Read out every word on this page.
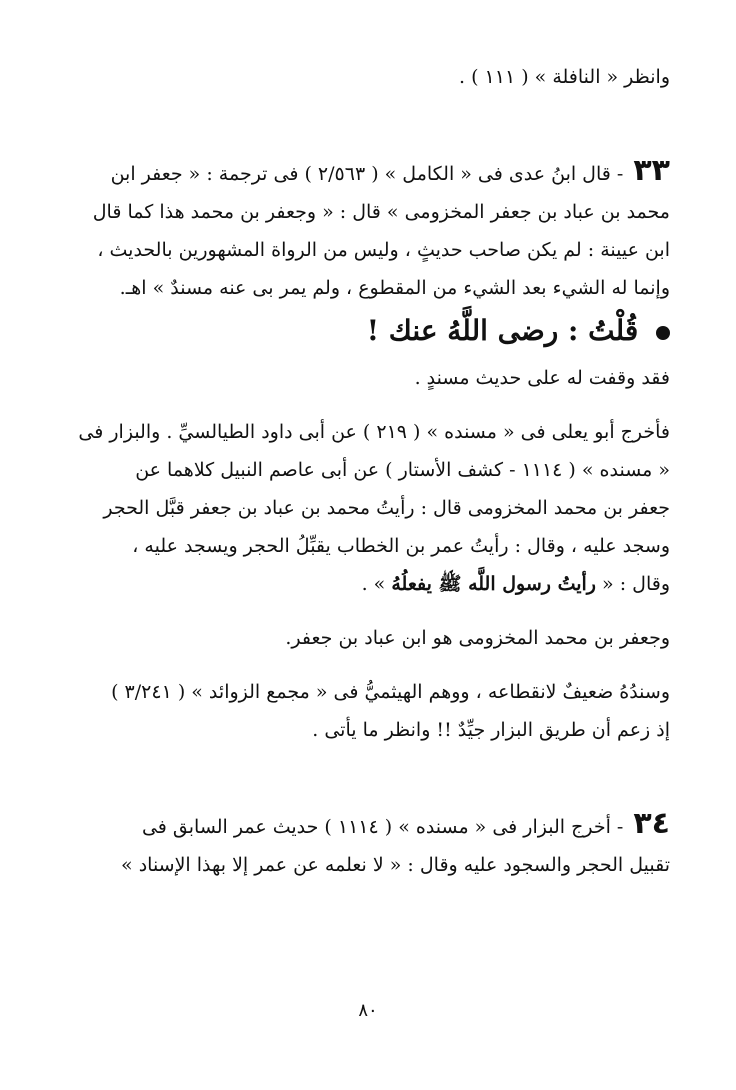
وانظر « النافلة » ( ١١١ ) .
٣٣ - قال ابنُ عدى فى « الكامل » ( ٢/٥٦٣ ) فى ترجمة : « جعفر ابن
محمد بن عباد بن جعفر المخزومى » قال : « وجعفر بن محمد هذا كما قال
ابن عيينة : لم يكن صاحب حديثٍ ، وليس من الرواة المشهورين بالحديث ،
وإنما له الشيء بعد الشيء من المقطوع ، ولم يمر بى عنه مسندٌ » اهـ.
قُلْتُ : رضى اللَّهُ عنك !
فقد وقفت له على حديث مسندٍ .
فأخرج أبو يعلى فى « مسنده » ( ٢١٩ ) عن أبى داود الطيالسيِّ . والبزار فى
« مسنده » ( ١١١٤ - كشف الأستار ) عن أبى عاصم النبيل كلاهما عن
جعفر بن محمد المخزومى قال : رأيتُ محمد بن عباد بن جعفر قبَّل الحجر
وسجد عليه ، وقال : رأيتُ عمر بن الخطاب يقبِّلُ الحجر ويسجد عليه ،
وقال : « رأيتُ رسول اللَّه ﷺ يفعلُهُ » .
وجعفر بن محمد المخزومى هو ابن عباد بن جعفر.
وسندُهُ ضعيفٌ لانقطاعه ، ووهم الهيثميُّ فى « مجمع الزوائد » ( ٣/٢٤١ )
إذ زعم أن طريق البزار جيِّدٌ !! وانظر ما يأتى .
٣٤ - أخرج البزار فى « مسنده » ( ١١١٤ ) حديث عمر السابق فى
تقبيل الحجر والسجود عليه وقال : « لا نعلمه عن عمر إلا بهذا الإسناد »
٨٠
